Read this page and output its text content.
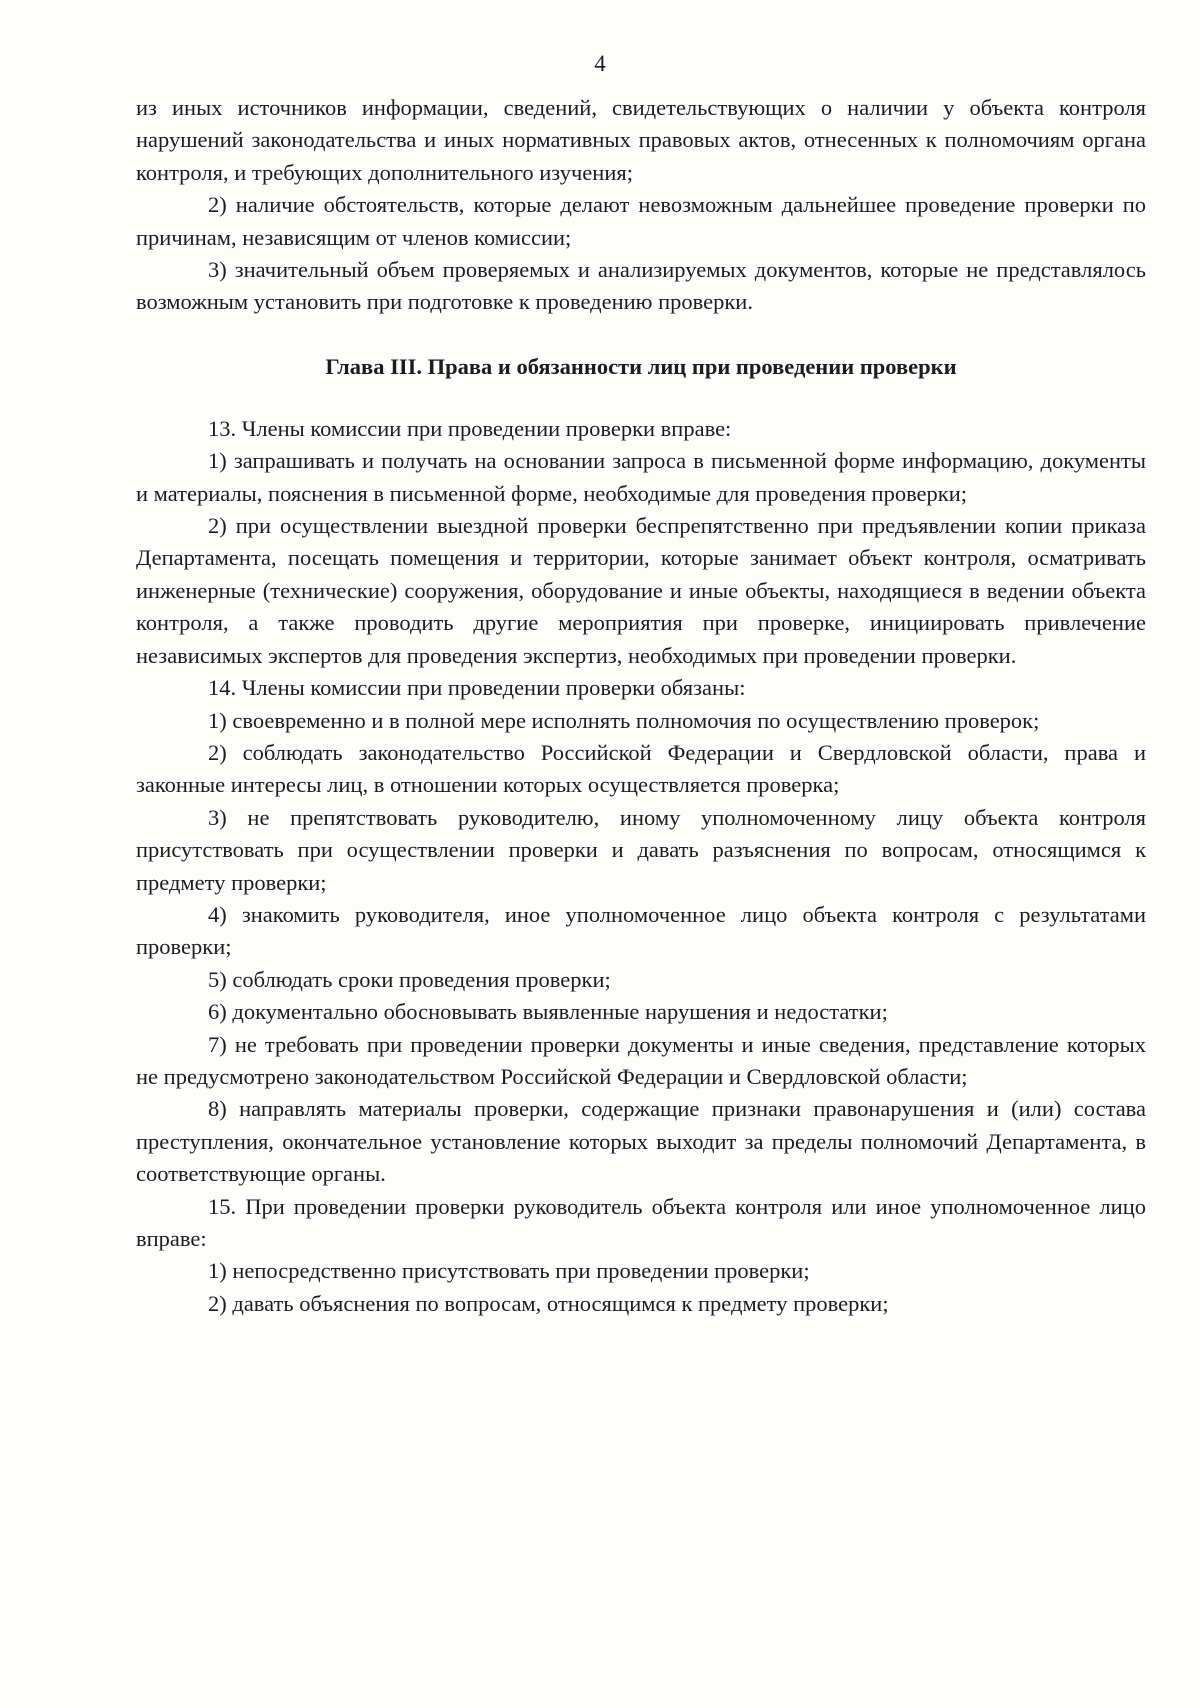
4

из иных источников информации, сведений, свидетельствующих о наличии у объекта контроля нарушений законодательства и иных нормативных правовых актов, отнесенных к полномочиям органа контроля, и требующих дополнительного изучения;

2) наличие обстоятельств, которые делают невозможным дальнейшее проведение проверки по причинам, независящим от членов комиссии;

3) значительный объем проверяемых и анализируемых документов, которые не представлялось возможным установить при подготовке к проведению проверки.

Глава III. Права и обязанности лиц при проведении проверки

13. Члены комиссии при проведении проверки вправе:

1) запрашивать и получать на основании запроса в письменной форме информацию, документы и материалы, пояснения в письменной форме, необходимые для проведения проверки;

2) при осуществлении выездной проверки беспрепятственно при предъявлении копии приказа Департамента, посещать помещения и территории, которые занимает объект контроля, осматривать инженерные (технические) сооружения, оборудование и иные объекты, находящиеся в ведении объекта контроля, а также проводить другие мероприятия при проверке, инициировать привлечение независимых экспертов для проведения экспертиз, необходимых при проведении проверки.

14. Члены комиссии при проведении проверки обязаны:

1) своевременно и в полной мере исполнять полномочия по осуществлению проверок;

2) соблюдать законодательство Российской Федерации и Свердловской области, права и законные интересы лиц, в отношении которых осуществляется проверка;

3) не препятствовать руководителю, иному уполномоченному лицу объекта контроля присутствовать при осуществлении проверки и давать разъяснения по вопросам, относящимся к предмету проверки;

4) знакомить руководителя, иное уполномоченное лицо объекта контроля с результатами проверки;

5) соблюдать сроки проведения проверки;

6) документально обосновывать выявленные нарушения и недостатки;

7) не требовать при проведении проверки документы и иные сведения, представление которых не предусмотрено законодательством Российской Федерации и Свердловской области;

8) направлять материалы проверки, содержащие признаки правонарушения и (или) состава преступления, окончательное установление которых выходит за пределы полномочий Департамента, в соответствующие органы.

15. При проведении проверки руководитель объекта контроля или иное уполномоченное лицо вправе:

1) непосредственно присутствовать при проведении проверки;

2) давать объяснения по вопросам, относящимся к предмету проверки;
